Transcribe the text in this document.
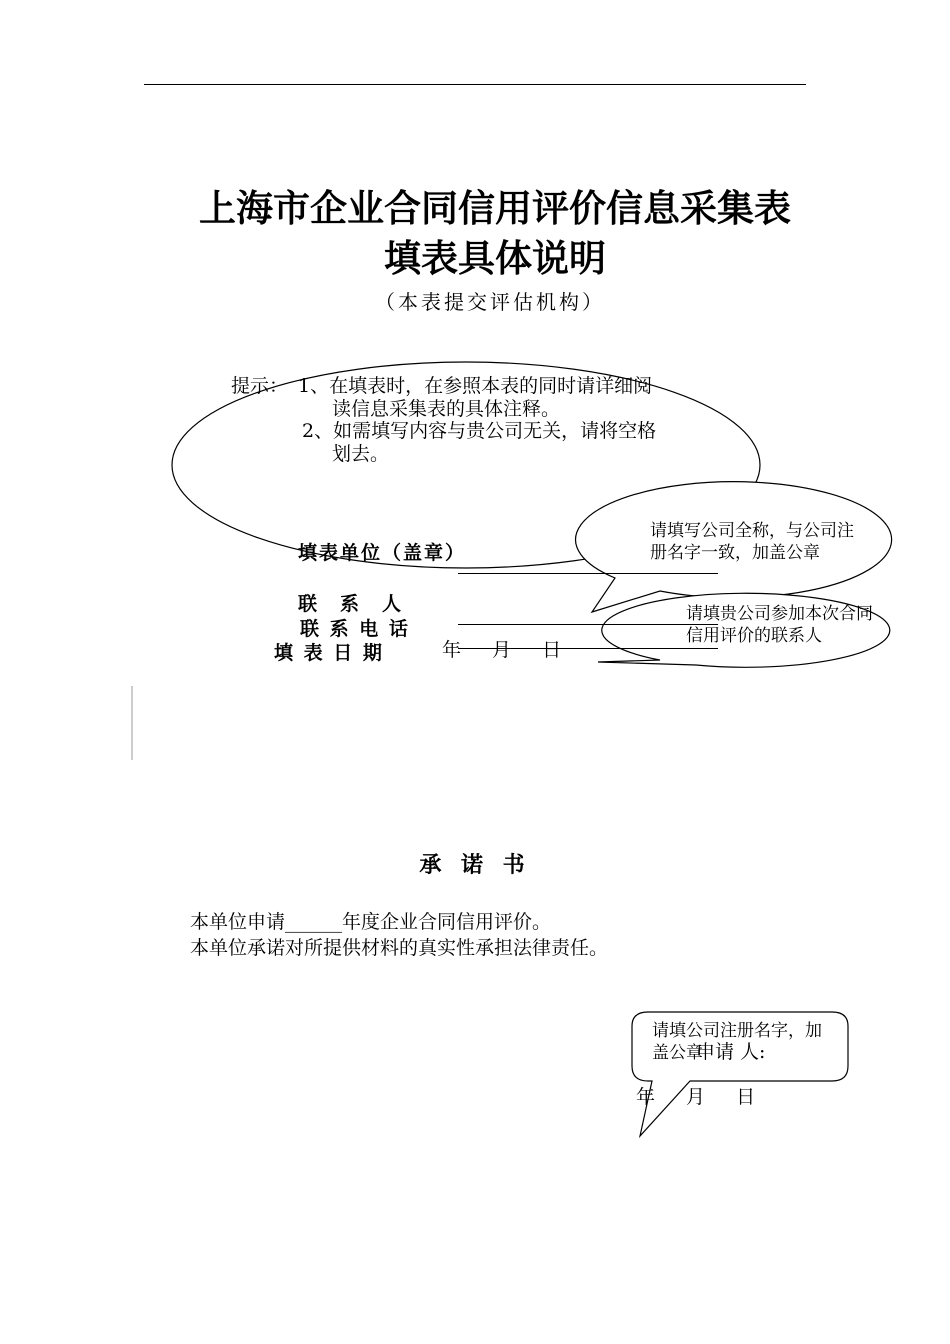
上海市企业合同信用评价信息采集表
填表具体说明
（本表提交评估机构）
提示： 1、在填表时，在参照本表的同时请详细阅
读信息采集表的具体注释。
2、如需填写内容与贵公司无关，请将空格
划去。
填表单位（盖章）
联　系　人
联 系 电 话
填 表 日 期	年　 月　 日
请填写公司全称，与公司注册名字一致，加盖公章
请填贵公司参加本次合同信用评价的联系人
承 诺 书
本单位申请______年度企业合同信用评价。
本单位承诺对所提供材料的真实性承担法律责任。
请填公司注册名字，加盖公章
申请 人:
年　 月　 日
